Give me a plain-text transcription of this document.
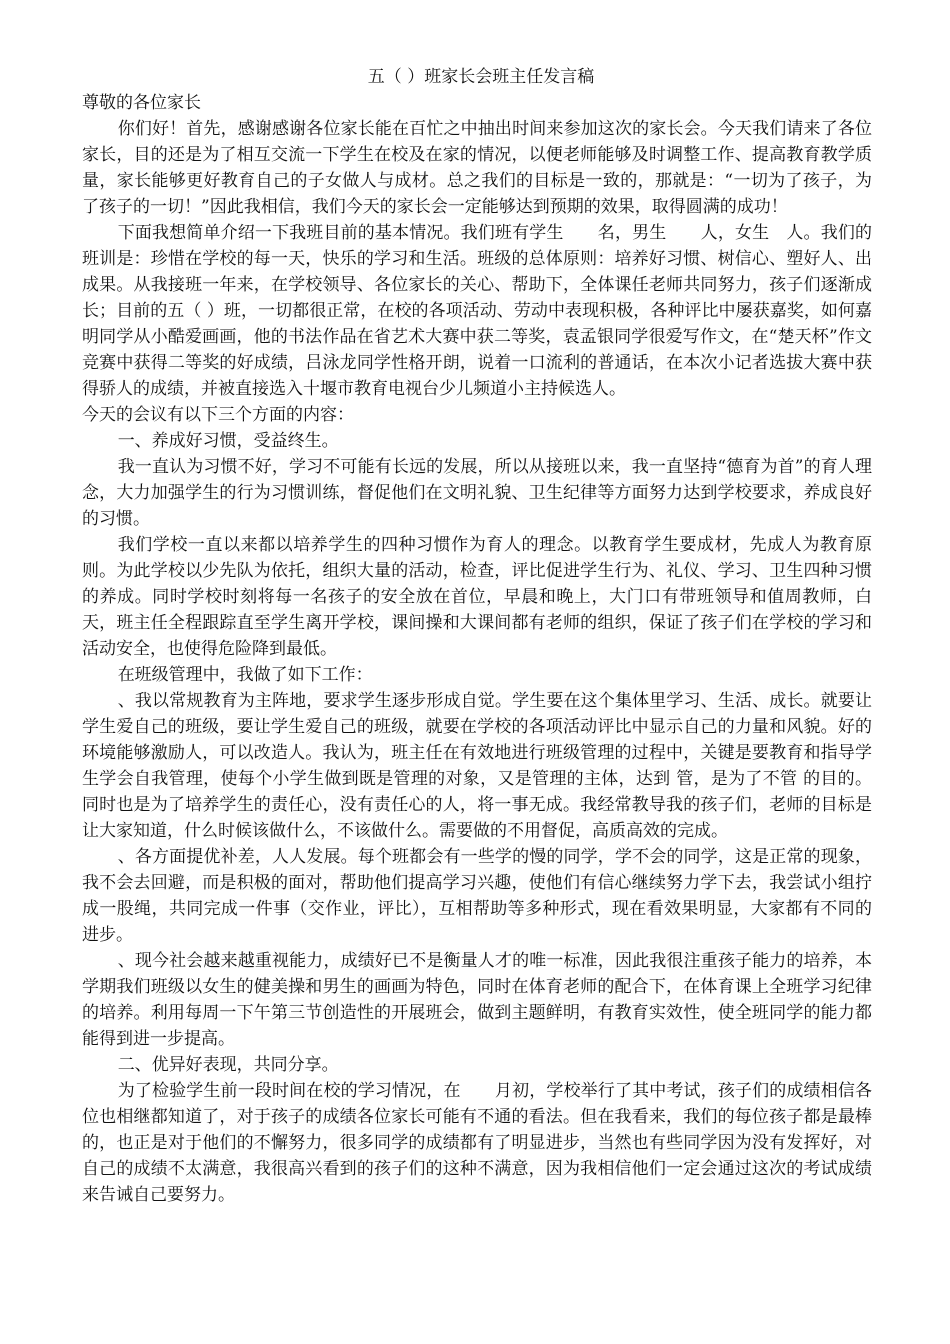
五（ ）班家长会班主任发言稿
尊敬的各位家长

你们好！首先，感谢感谢各位家长能在百忙之中抽出时间来参加这次的家长会。今天我们请来了各位家长，目的还是为了相互交流一下学生在校及在家的情况，以便老师能够及时调整工作、提高教育教学质量，家长能够更好教育自己的子女做人与成材。总之我们的目标是一致的，那就是：“一切为了孩子，为了孩子的一切！”因此我相信，我们今天的家长会一定能够达到预期的效果，取得圆满的成功！

下面我想简单介绍一下我班目前的基本情况。我们班有学生　　名，男生　　人，女生　人。我们的班训是：珍惜在学校的每一天，快乐的学习和生活。班级的总体原则：培养好习惯、树信心、塑好人、出成果。从我接班一年来，在学校领导、各位家长的关心、帮助下，全体课任老师共同努力，孩子们逐渐成长；目前的五（ ）班，一切都很正常，在校的各项活动、劳动中表现积极，各种评比中屡获嘉奖，如何嘉明同学从小酷爱画画，他的书法作品在省艺术大赛中获二等奖，袁孟银同学很爱写作文，在“楚天杯”作文竞赛中获得二等奖的好成绩，吕泳龙同学性格开朗，说着一口流利的普通话，在本次小记者选拔大赛中获得骄人的成绩，并被直接选入十堰市教育电视台少儿频道小主持候选人。

今天的会议有以下三个方面的内容：

一、养成好习惯，受益终生。

我一直认为习惯不好，学习不可能有长远的发展，所以从接班以来，我一直坚持“德育为首”的育人理念，大力加强学生的行为习惯训练，督促他们在文明礼貌、卫生纪律等方面努力达到学校要求，养成良好的习惯。

我们学校一直以来都以培养学生的四种习惯作为育人的理念。以教育学生要成材，先成人为教育原则。为此学校以少先队为依托，组织大量的活动，检查，评比促进学生行为、礼仪、学习、卫生四种习惯的养成。同时学校时刻将每一名孩子的安全放在首位，早晨和晚上，大门口有带班领导和值周教师，白天，班主任全程跟踪直至学生离开学校，课间操和大课间都有老师的组织，保证了孩子们在学校的学习和活动安全，也使得危险降到最低。

在班级管理中，我做了如下工作：

、我以常规教育为主阵地，要求学生逐步形成自觉。学生要在这个集体里学习、生活、成长。就要让学生爱自己的班级，要让学生爱自己的班级，就要在学校的各项活动评比中显示自己的力量和风貌。好的环境能够激励人，可以改造人。我认为，班主任在有效地进行班级管理的过程中，关键是要教育和指导学生学会自我管理，使每个小学生做到既是管理的对象，又是管理的主体，达到 管，是为了不管 的目的。同时也是为了培养学生的责任心，没有责任心的人，将一事无成。我经常教导我的孩子们，老师的目标是让大家知道，什么时候该做什么，不该做什么。需要做的不用督促，高质高效的完成。

、各方面提优补差，人人发展。每个班都会有一些学的慢的同学，学不会的同学，这是正常的现象，我不会去回避，而是积极的面对，帮助他们提高学习兴趣，使他们有信心继续努力学下去，我尝试小组拧成一股绳，共同完成一件事（交作业，评比），互相帮助等多种形式，现在看效果明显，大家都有不同的进步。

、现今社会越来越重视能力，成绩好已不是衡量人才的唯一标准，因此我很注重孩子能力的培养，本学期我们班级以女生的健美操和男生的画画为特色，同时在体育老师的配合下，在体育课上全班学习纪律的培养。利用每周一下午第三节创造性的开展班会，做到主题鲜明，有教育实效性，使全班同学的能力都能得到进一步提高。

二、优异好表现，共同分享。

为了检验学生前一段时间在校的学习情况，在　　月初，学校举行了其中考试，孩子们的成绩相信各位也相继都知道了，对于孩子的成绩各位家长可能有不通的看法。但在我看来，我们的每位孩子都是最棒的，也正是对于他们的不懈努力，很多同学的成绩都有了明显进步，当然也有些同学因为没有发挥好，对自己的成绩不太满意，我很高兴看到的孩子们的这种不满意，因为我相信他们一定会通过这次的考试成绩来告诫自己要努力。
